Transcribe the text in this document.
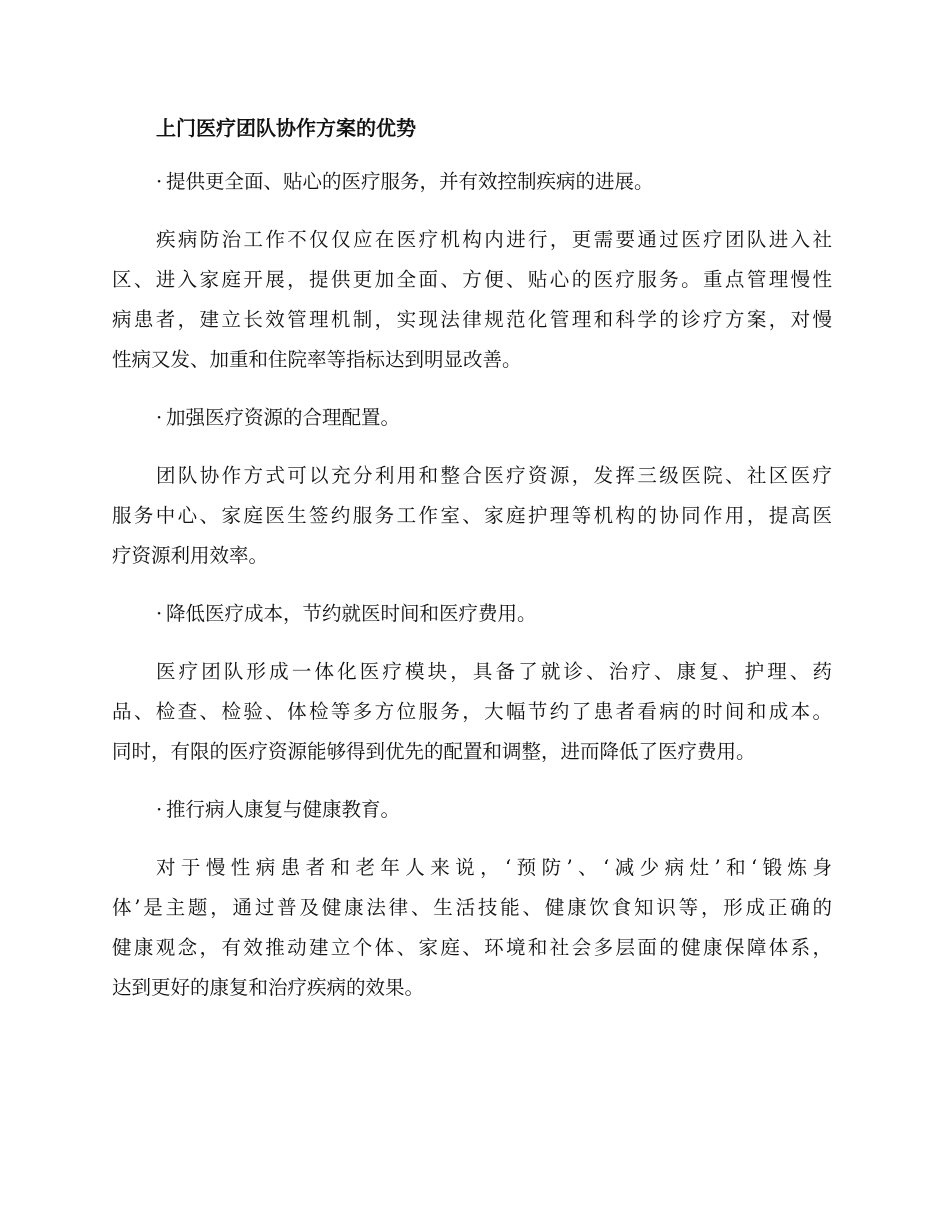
上门医疗团队协作方案的优势
· 提供更全面、贴心的医疗服务，并有效控制疾病的进展。
疾病防治工作不仅仅应在医疗机构内进行，更需要通过医疗团队进入社
区、进入家庭开展，提供更加全面、方便、贴心的医疗服务。重点管理慢性
病患者，建立长效管理机制，实现法律规范化管理和科学的诊疗方案，对慢
性病又发、加重和住院率等指标达到明显改善。
· 加强医疗资源的合理配置。
团队协作方式可以充分利用和整合医疗资源，发挥三级医院、社区医疗
服务中心、家庭医生签约服务工作室、家庭护理等机构的协同作用，提高医
疗资源利用效率。
· 降低医疗成本，节约就医时间和医疗费用。
医疗团队形成一体化医疗模块，具备了就诊、治疗、康复、护理、药
品、检查、检验、体检等多方位服务，大幅节约了患者看病的时间和成本。
同时，有限的医疗资源能够得到优先的配置和调整，进而降低了医疗费用。
· 推行病人康复与健康教育。
对于慢性病患者和老年人来说，‘预防’、‘减少病灶’和‘锻炼身
体’是主题，通过普及健康法律、生活技能、健康饮食知识等，形成正确的
健康观念，有效推动建立个体、家庭、环境和社会多层面的健康保障体系，
达到更好的康复和治疗疾病的效果。
